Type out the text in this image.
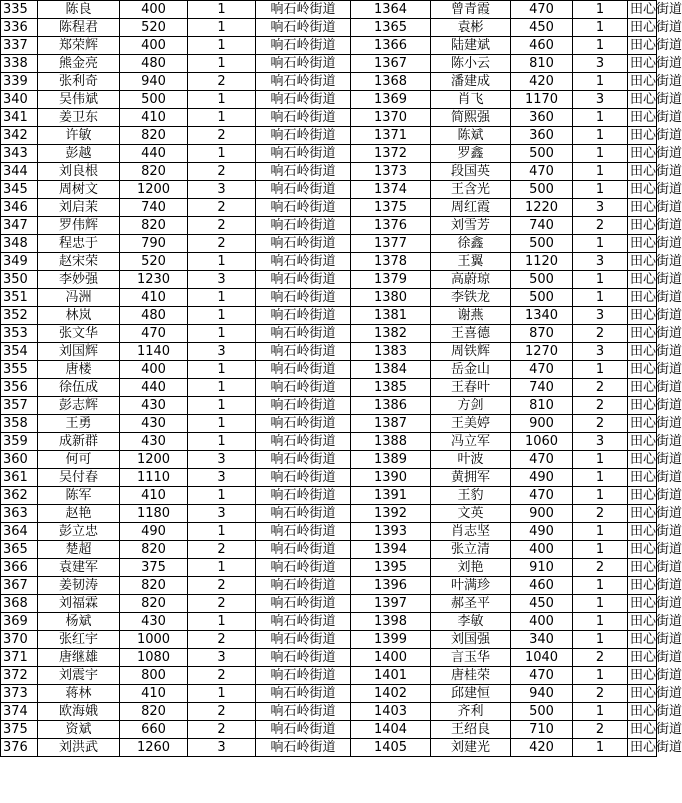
335	陈良	400	1	响石岭街道	1364	曾青霞	470	1	田心街道
336	陈程君	520	1	响石岭街道	1365	袁彬	450	1	田心街道
337	郑荣辉	400	1	响石岭街道	1366	陆建斌	460	1	田心街道
338	熊金亮	480	1	响石岭街道	1367	陈小云	810	3	田心街道
339	张利奇	940	2	响石岭街道	1368	潘建成	420	1	田心街道
340	吴伟斌	500	1	响石岭街道	1369	肖飞	1170	3	田心街道
341	姜卫东	410	1	响石岭街道	1370	简熙强	360	1	田心街道
342	许敏	820	2	响石岭街道	1371	陈斌	360	1	田心街道
343	彭越	440	1	响石岭街道	1372	罗鑫	500	1	田心街道
344	刘良根	820	2	响石岭街道	1373	段国英	470	1	田心街道
345	周树文	1200	3	响石岭街道	1374	王含光	500	1	田心街道
346	刘启茉	740	2	响石岭街道	1375	周红霞	1220	3	田心街道
347	罗伟辉	820	2	响石岭街道	1376	刘雪芳	740	2	田心街道
348	程忠于	790	2	响石岭街道	1377	徐鑫	500	1	田心街道
349	赵宋荣	520	1	响石岭街道	1378	王翼	1120	3	田心街道
350	李妙强	1230	3	响石岭街道	1379	高蔚琼	500	1	田心街道
351	冯洲	410	1	响石岭街道	1380	李铁龙	500	1	田心街道
352	林岚	480	1	响石岭街道	1381	谢燕	1340	3	田心街道
353	张文华	470	1	响石岭街道	1382	王喜德	870	2	田心街道
354	刘国辉	1140	3	响石岭街道	1383	周铁辉	1270	3	田心街道
355	唐楼	400	1	响石岭街道	1384	岳金山	470	1	田心街道
356	徐伍成	440	1	响石岭街道	1385	王春叶	740	2	田心街道
357	彭志辉	430	1	响石岭街道	1386	方剑	810	2	田心街道
358	王勇	430	1	响石岭街道	1387	王美婷	900	2	田心街道
359	成新群	430	1	响石岭街道	1388	冯立军	1060	3	田心街道
360	何可	1200	3	响石岭街道	1389	叶波	470	1	田心街道
361	吴付春	1110	3	响石岭街道	1390	黄拥军	490	1	田心街道
362	陈军	410	1	响石岭街道	1391	王豹	470	1	田心街道
363	赵艳	1180	3	响石岭街道	1392	文英	900	2	田心街道
364	彭立忠	490	1	响石岭街道	1393	肖志坚	490	1	田心街道
365	楚超	820	2	响石岭街道	1394	张立清	400	1	田心街道
366	袁建军	375	1	响石岭街道	1395	刘艳	910	2	田心街道
367	姜韧涛	820	2	响石岭街道	1396	叶满珍	460	1	田心街道
368	刘福霖	820	2	响石岭街道	1397	郝圣平	450	1	田心街道
369	杨斌	430	1	响石岭街道	1398	李敏	400	1	田心街道
370	张红宇	1000	2	响石岭街道	1399	刘国强	340	1	田心街道
371	唐继雄	1080	3	响石岭街道	1400	言玉华	1040	2	田心街道
372	刘震宇	800	2	响石岭街道	1401	唐桂荣	470	1	田心街道
373	蒋林	410	1	响石岭街道	1402	邱建恒	940	2	田心街道
374	欧海娥	820	2	响石岭街道	1403	齐利	500	1	田心街道
375	资斌	660	2	响石岭街道	1404	王绍良	710	2	田心街道
376	刘洪武	1260	3	响石岭街道	1405	刘建光	420	1	田心街道
